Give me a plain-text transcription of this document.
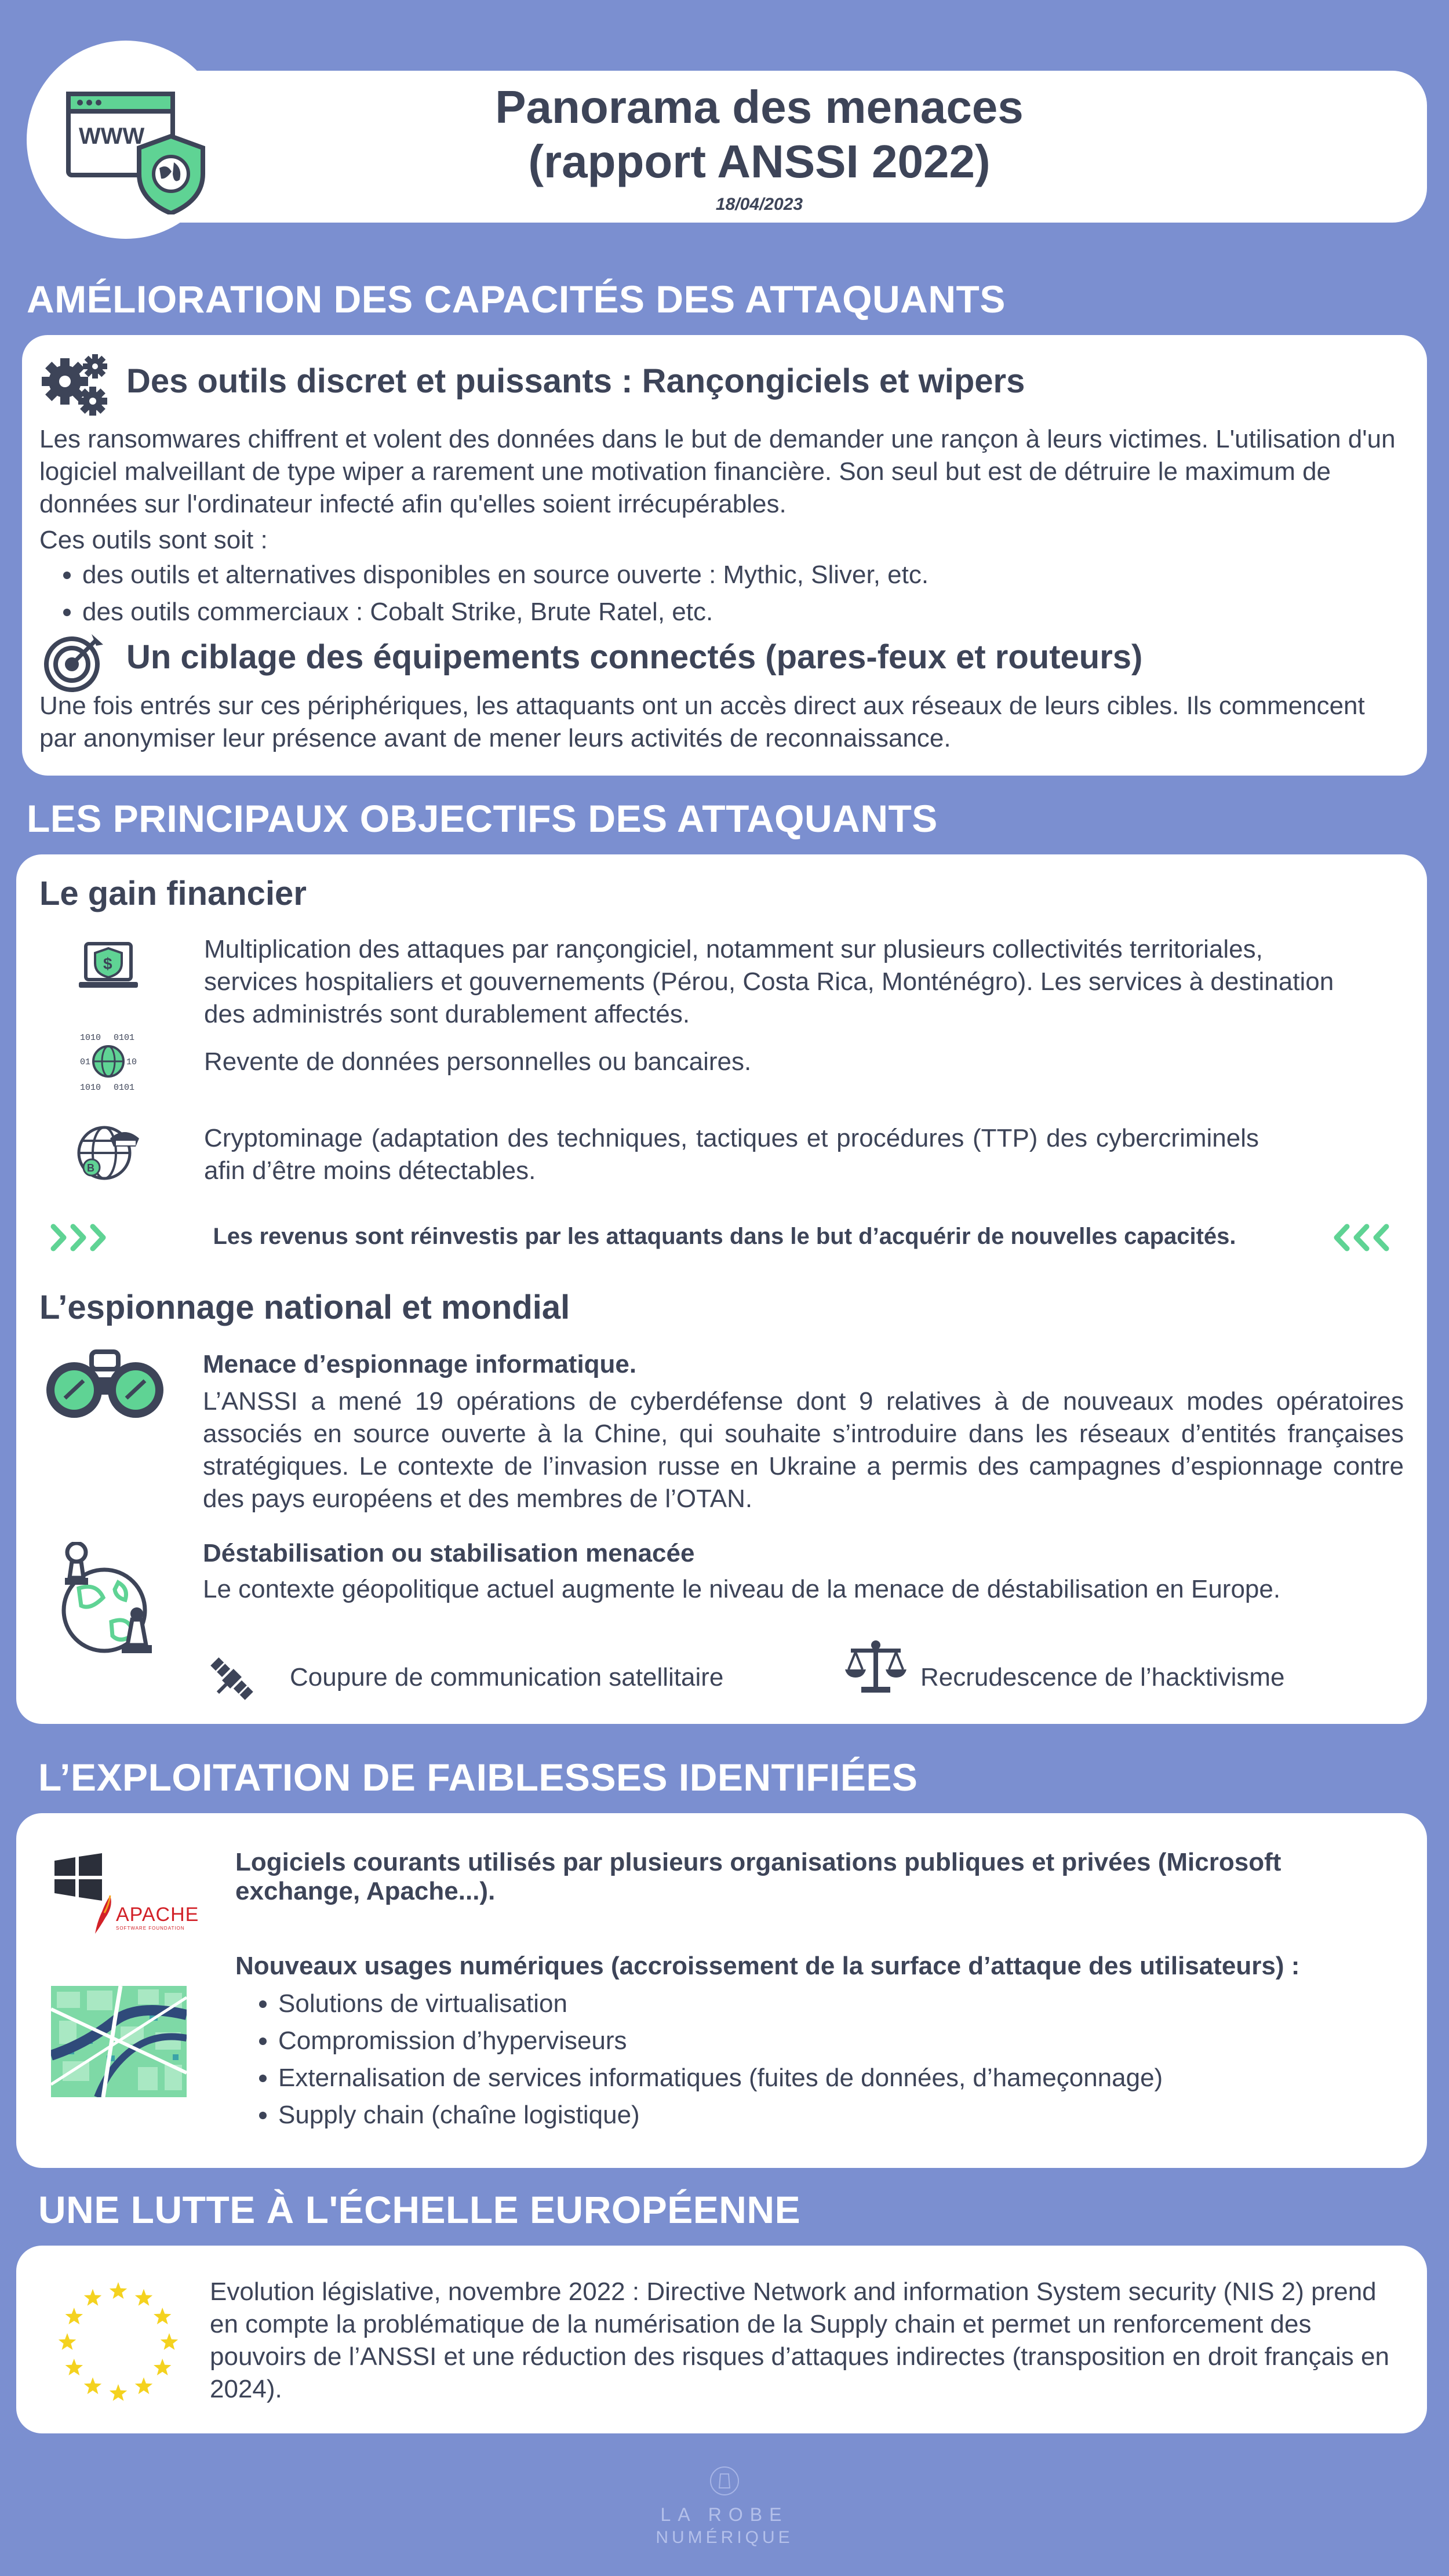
WWW
Panorama des menaces
(rapport ANSSI 2022)
18/04/2023
AMÉLIORATION DES CAPACITÉS DES ATTAQUANTS
Des outils discret et puissants : Rançongiciels et wipers
Les ransomwares chiffrent et volent des données dans le but de demander une rançon à leurs victimes. L'utilisation d'un logiciel malveillant de type wiper a rarement une motivation financière. Son seul but est de détruire le maximum de données sur l'ordinateur infecté afin qu'elles soient irrécupérables.
Ces outils sont soit :
• des outils et alternatives disponibles en source ouverte : Mythic, Sliver, etc.
• des outils commerciaux : Cobalt Strike, Brute Ratel, etc.
Un ciblage des équipements connectés (pares-feux et routeurs)
Une fois entrés sur ces périphériques, les attaquants ont un accès direct aux réseaux de leurs cibles. Ils commencent par anonymiser leur présence avant de mener leurs activités de reconnaissance.
LES PRINCIPAUX OBJECTIFS DES ATTAQUANTS
Le gain financier
$
Multiplication des attaques par rançongiciel, notamment sur plusieurs collectivités territoriales, services hospitaliers et gouvernements (Pérou, Costa Rica, Monténégro). Les services à destination des administrés sont durablement affectés.
1010 0101
01	10
1010 0101
Revente de données personnelles ou bancaires.
B
Cryptominage (adaptation des techniques, tactiques et procédures (TTP) des cybercriminels afin d’être moins détectables.
Les revenus sont réinvestis par les attaquants dans le but d’acquérir de nouvelles capacités.
L’espionnage national et mondial
Menace d’espionnage informatique.
L’ANSSI a mené 19 opérations de cyberdéfense dont 9 relatives à de nouveaux modes opératoires associés en source ouverte à la Chine, qui souhaite s’introduire dans les réseaux d’entités françaises stratégiques. Le contexte de l’invasion russe en Ukraine a permis des campagnes d’espionnage contre des pays européens et des membres de l’OTAN.
Déstabilisation ou stabilisation menacée
Le contexte géopolitique actuel augmente le niveau de la menace de déstabilisation en Europe.
Coupure de communication satellitaire	Recrudescence de l’hacktivisme
L’EXPLOITATION DE FAIBLESSES IDENTIFIÉES
APACHE
SOFTWARE FOUNDATION
Logiciels courants utilisés par plusieurs organisations publiques et privées (Microsoft exchange, Apache...).
Nouveaux usages numériques (accroissement de la surface d’attaque des utilisateurs) :
• Solutions de virtualisation
• Compromission d’hyperviseurs
• Externalisation de services informatiques (fuites de données, d’hameçonnage)
• Supply chain (chaîne logistique)
UNE LUTTE À L'ÉCHELLE EUROPÉENNE
Evolution législative, novembre 2022 : Directive Network and information System security (NIS 2) prend en compte la problématique de la numérisation de la Supply chain et permet un renforcement des pouvoirs de l’ANSSI et une réduction des risques d’attaques indirectes (transposition en droit français en 2024).
LA ROBE
NUMÉRIQUE
